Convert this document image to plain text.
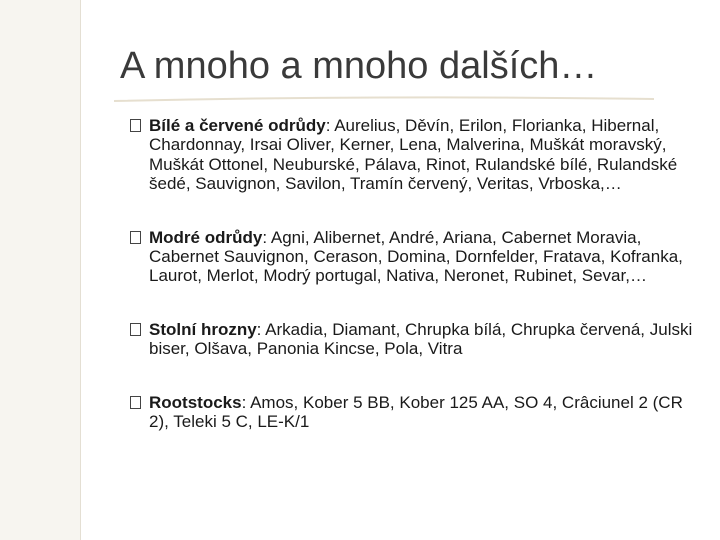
A mnoho a mnoho dalších…
Bílé a červené odrůdy: Aurelius, Děvín, Erilon, Florianka, Hibernal, Chardonnay, Irsai Oliver, Kerner, Lena, Malverina, Muškát moravský, Muškát Ottonel, Neuburské, Pálava, Rinot, Rulandské bílé, Rulandské šedé, Sauvignon, Savilon, Tramín červený, Veritas, Vrboska,…
Modré odrůdy: Agni, Alibernet, André, Ariana, Cabernet Moravia, Cabernet Sauvignon, Cerason, Domina, Dornfelder, Fratava, Kofranka, Laurot, Merlot, Modrý portugal, Nativa, Neronet, Rubinet, Sevar,…
Stolní hrozny: Arkadia, Diamant, Chrupka bílá, Chrupka červená, Julski biser, Olšava, Panonia Kincse, Pola, Vitra
Rootstocks: Amos, Kober 5 BB, Kober 125 AA, SO 4, Crâciunel 2 (CR 2), Teleki 5 C, LE-K/1
